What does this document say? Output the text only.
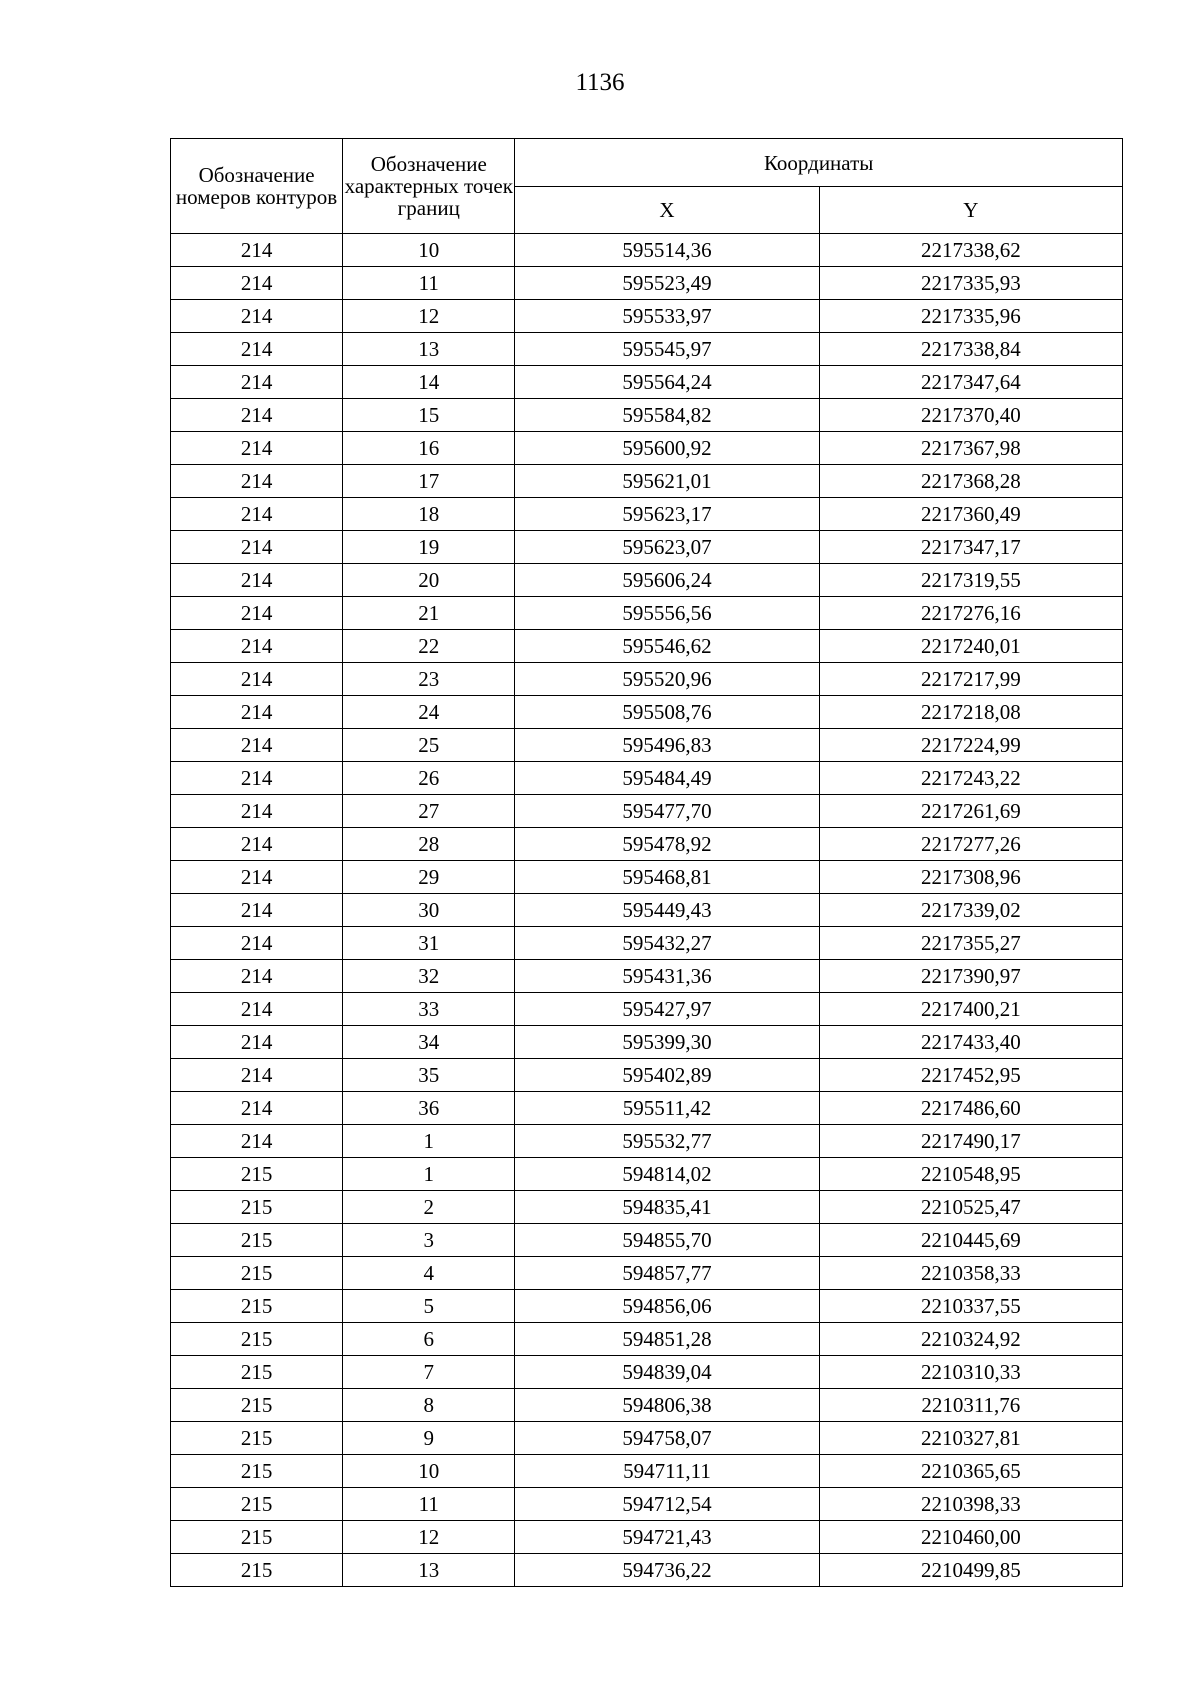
1136
Обозначение номеров контуров	Обозначение характерных точек границ	Координаты	
		X	Y
214	10	595514,36	2217338,62
214	11	595523,49	2217335,93
214	12	595533,97	2217335,96
214	13	595545,97	2217338,84
214	14	595564,24	2217347,64
214	15	595584,82	2217370,40
214	16	595600,92	2217367,98
214	17	595621,01	2217368,28
214	18	595623,17	2217360,49
214	19	595623,07	2217347,17
214	20	595606,24	2217319,55
214	21	595556,56	2217276,16
214	22	595546,62	2217240,01
214	23	595520,96	2217217,99
214	24	595508,76	2217218,08
214	25	595496,83	2217224,99
214	26	595484,49	2217243,22
214	27	595477,70	2217261,69
214	28	595478,92	2217277,26
214	29	595468,81	2217308,96
214	30	595449,43	2217339,02
214	31	595432,27	2217355,27
214	32	595431,36	2217390,97
214	33	595427,97	2217400,21
214	34	595399,30	2217433,40
214	35	595402,89	2217452,95
214	36	595511,42	2217486,60
214	1	595532,77	2217490,17
215	1	594814,02	2210548,95
215	2	594835,41	2210525,47
215	3	594855,70	2210445,69
215	4	594857,77	2210358,33
215	5	594856,06	2210337,55
215	6	594851,28	2210324,92
215	7	594839,04	2210310,33
215	8	594806,38	2210311,76
215	9	594758,07	2210327,81
215	10	594711,11	2210365,65
215	11	594712,54	2210398,33
215	12	594721,43	2210460,00
215	13	594736,22	2210499,85
